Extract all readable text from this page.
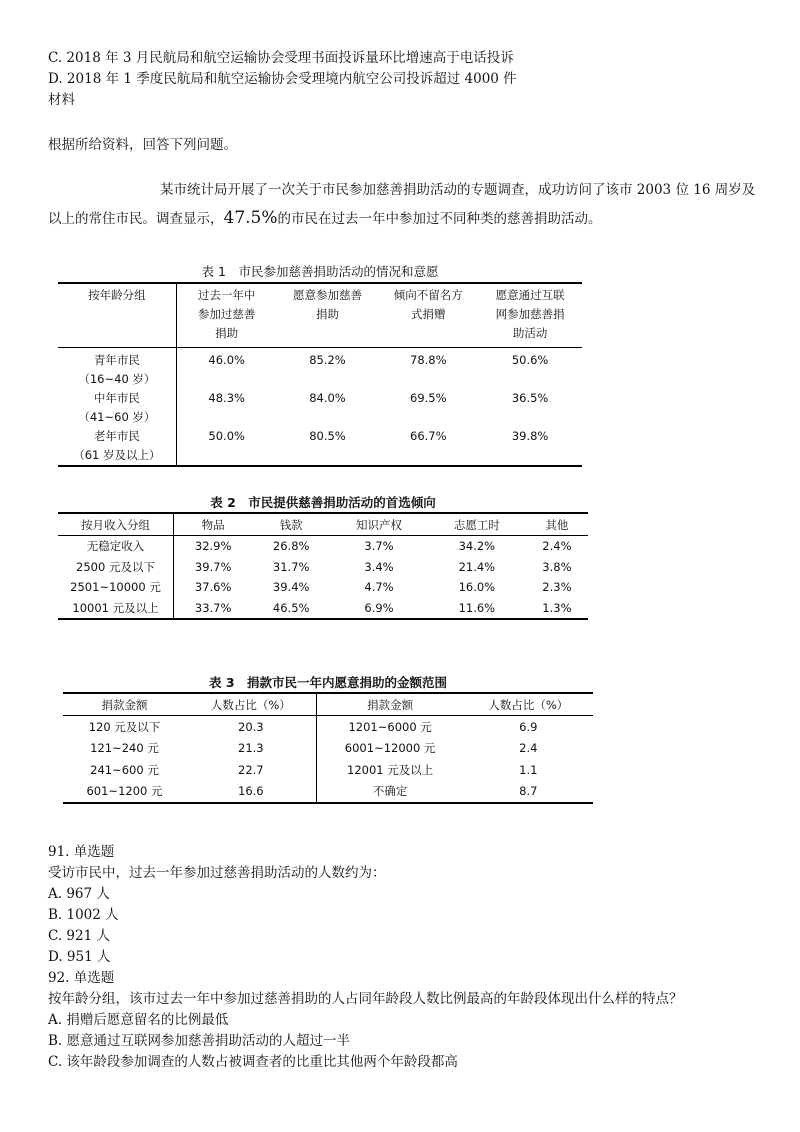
C. 2018 年 3 月民航局和航空运输协会受理书面投诉量环比增速高于电话投诉
D. 2018 年 1 季度民航局和航空运输协会受理境内航空公司投诉超过 4000 件
材料
根据所给资料，回答下列问题。
某市统计局开展了一次关于市民参加慈善捐助活动的专题调查，成功访问了该市 2003 位 16 周岁及以上的常住市民。调查显示，47.5%的市民在过去一年中参加过不同种类的慈善捐助活动。
表 1　市民参加慈善捐助活动的情况和意愿
按年龄分组	过去一年中
参加过慈善
捐助	愿意参加慈善
捐助	倾向不留名方
式捐赠	愿意通过互联
网参加慈善捐
助活动

青年市民
（16~40 岁）	46.0%	85.2%	78.8%	50.6%

中年市民
（41~60 岁）	48.3%	84.0%	69.5%	36.5%

老年市民
（61 岁及以上）	50.0%	80.5%	66.7%	39.8%
表 2　市民提供慈善捐助活动的首选倾向
按月收入分组	物品	钱款	知识产权	志愿工时	其他
无稳定收入	32.9%	26.8%	3.7%	34.2%	2.4%
2500 元及以下	39.7%	31.7%	3.4%	21.4%	3.8%
2501~10000 元	37.6%	39.4%	4.7%	16.0%	2.3%
10001 元及以上	33.7%	46.5%	6.9%	11.6%	1.3%
表 3　捐款市民一年内愿意捐助的金额范围
捐款金额	人数占比（%）	捐款金额	人数占比（%）
120 元及以下	20.3	1201~6000 元	6.9
121~240 元	21.3	6001~12000 元	2.4
241~600 元	22.7	12001 元及以上	1.1
601~1200 元	16.6	不确定	8.7
91. 单选题
受访市民中，过去一年参加过慈善捐助活动的人数约为：
A. 967 人
B. 1002 人
C. 921 人
D. 951 人
92. 单选题
按年龄分组，该市过去一年中参加过慈善捐助的人占同年龄段人数比例最高的年龄段体现出什么样的特点？
A. 捐赠后愿意留名的比例最低
B. 愿意通过互联网参加慈善捐助活动的人超过一半
C. 该年龄段参加调查的人数占被调查者的比重比其他两个年龄段都高
